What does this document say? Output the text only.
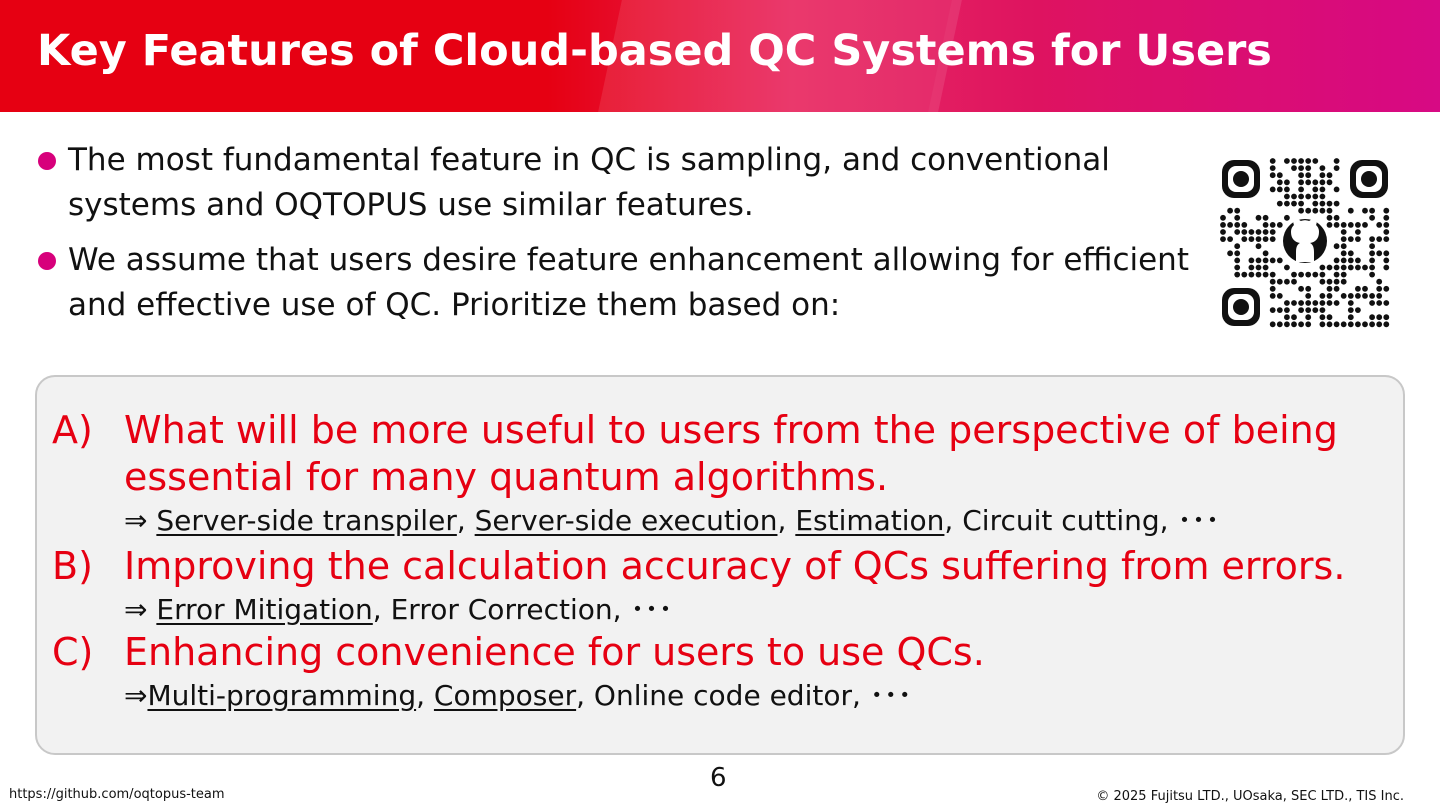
Key Features of Cloud-based QC Systems for Users
The most fundamental feature in QC is sampling, and conventional systems and OQTOPUS use similar features.
We assume that users desire feature enhancement allowing for efficient and effective use of QC. Prioritize them based on:
A) What will be more useful to users from the perspective of being essential for many quantum algorithms.

⇒ Server-side transpiler, Server-side execution, Estimation, Circuit cutting, ･･･
B) Improving the calculation accuracy of QCs suffering from errors.

⇒ Error Mitigation, Error Correction, ･･･
C) Enhancing convenience for users to use QCs.

⇒Multi-programming, Composer, Online code editor, ･･･
6
https://github.com/oqtopus-team	© 2025 Fujitsu LTD., UOsaka, SEC LTD., TIS Inc.
